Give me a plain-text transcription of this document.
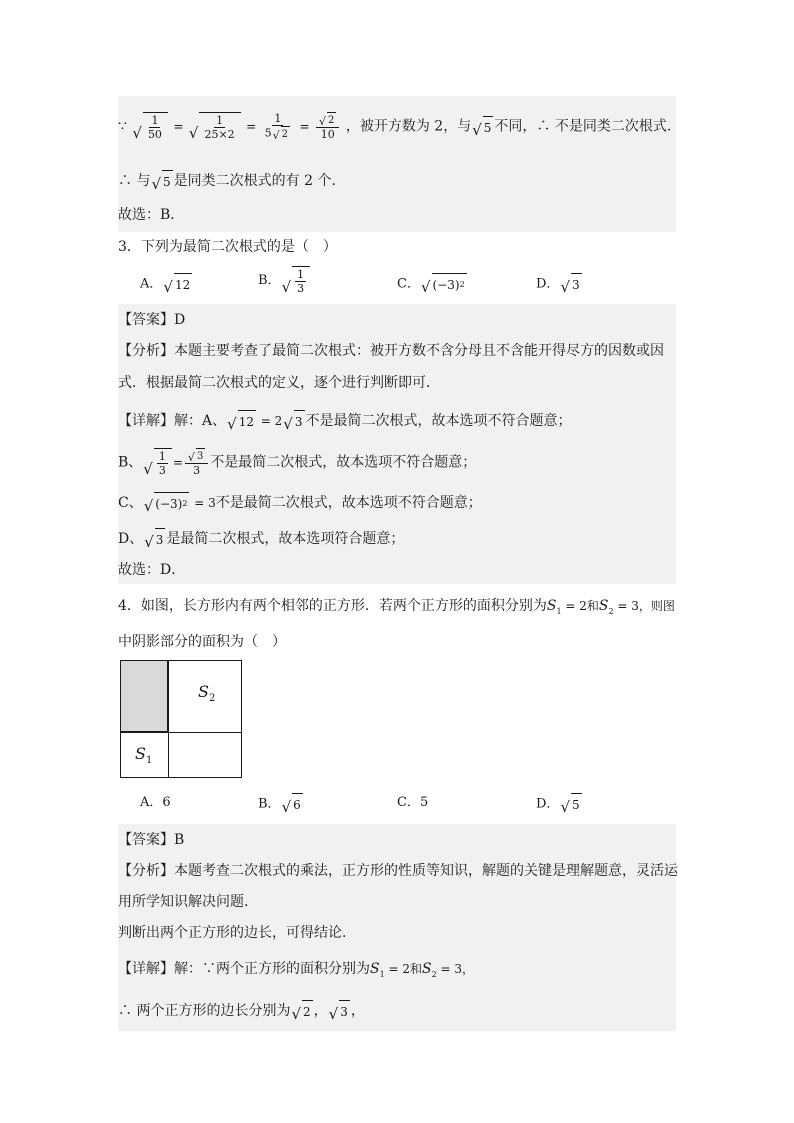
∵ √ $\frac{1}{50}$ = √ $\frac{1}{25\times 2} = \frac{1}{5 √ 2} = \frac{√ 2}{10}$ ，被开方数为 2，与 √ 5 不同，∴ 不是同类二次根式．
∴ 与 √ 5 是同类二次根式的有 2 个.
故选：B．
3．下列为最简二次根式的是（　）
A． √ 12	B． √ $\frac{1}{3}$	C． √ (−3) 2	D． √ 3
【答案】D
【分析】本题主要考查了最简二次根式：被开方数不含分母且不含能开得尽方的因数或因
式．根据最简二次根式的定义，逐个进行判断即可．
【详解】解：A、 √ 12 = 2 √ 3 不是最简二次根式，故本选项不符合题意；
B、 √ $\frac{1}{3} = \frac{√ 3}{3}$ 不是最简二次根式，故本选项不符合题意；
C、 √ (−3) 2 = 3不是最简二次根式，故本选项不符合题意；
D、 √ 3 是最简二次根式，故本选项符合题意；
故选：D．
4．如图，长方形内有两个相邻的正方形．若两个正方形的面积分别为$S_1 = 2$和$S_2 = 3$，则图
中阴影部分的面积为（　）
$S_2$
$S_1$
A．6	B． √ 6	C．5	D． √ 5
【答案】B
【分析】本题考查二次根式的乘法，正方形的性质等知识，解题的关键是理解题意，灵活运
用所学知识解决问题．
判断出两个正方形的边长，可得结论．
【详解】解：∵两个正方形的面积分别为$S_1 = 2$和$S_2 = 3$，
∴ 两个正方形的边长分别为 √ 2 ， √ 3 ，
